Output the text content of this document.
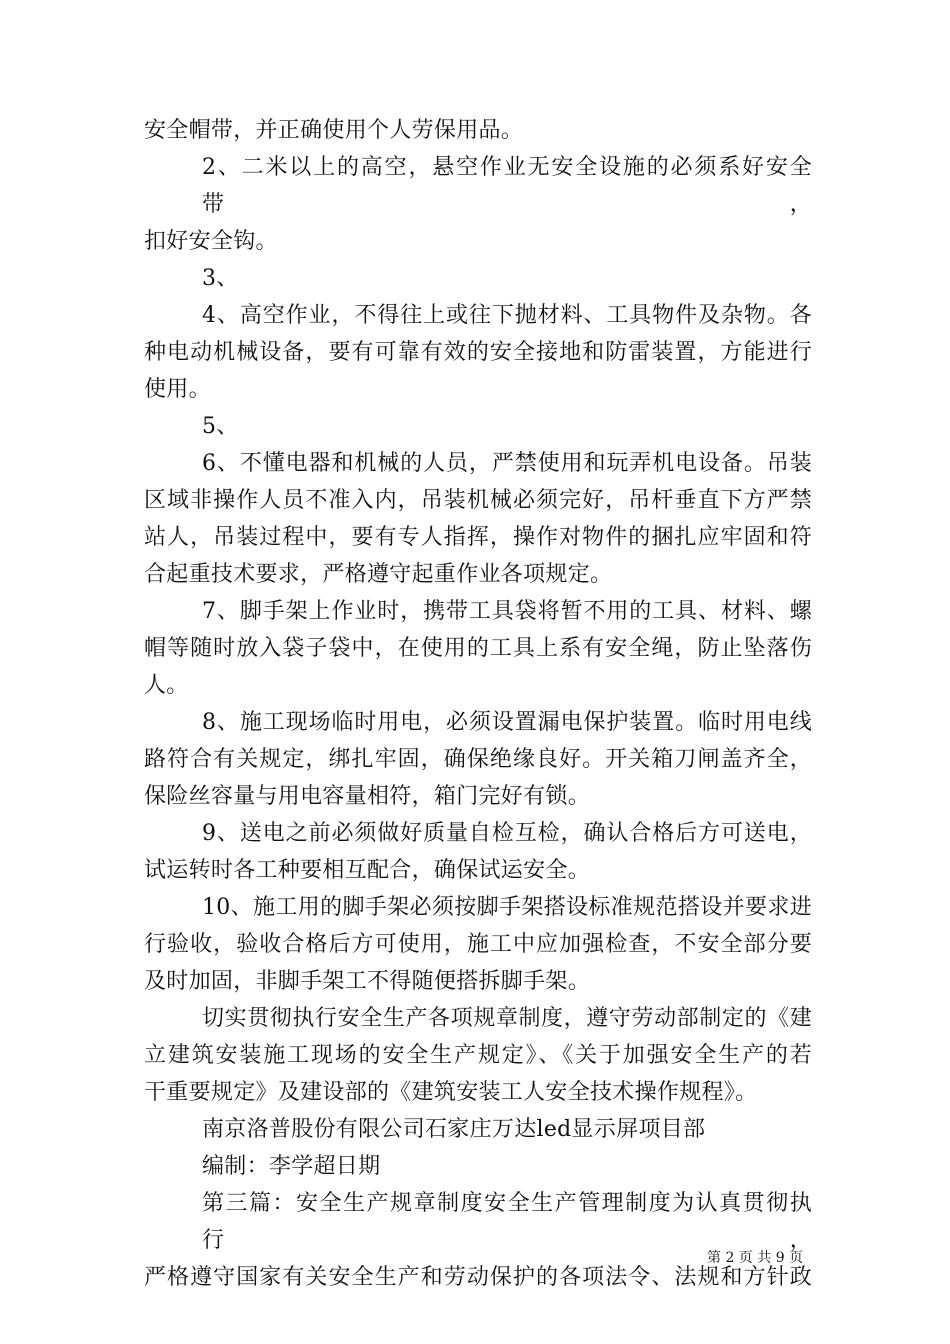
安全帽带，并正确使用个人劳保用品。
2、二米以上的高空，悬空作业无安全设施的必须系好安全带，
扣好安全钩。
3、
4、高空作业，不得往上或往下抛材料、工具物件及杂物。各
种电动机械设备，要有可靠有效的安全接地和防雷装置，方能进行
使用。
5、
6、不懂电器和机械的人员，严禁使用和玩弄机电设备。吊装
区域非操作人员不准入内，吊装机械必须完好，吊杆垂直下方严禁
站人，吊装过程中，要有专人指挥，操作对物件的捆扎应牢固和符
合起重技术要求，严格遵守起重作业各项规定。
7、脚手架上作业时，携带工具袋将暂不用的工具、材料、螺
帽等随时放入袋子袋中，在使用的工具上系有安全绳，防止坠落伤
人。
8、施工现场临时用电，必须设置漏电保护装置。临时用电线
路符合有关规定，绑扎牢固，确保绝缘良好。开关箱刀闸盖齐全，
保险丝容量与用电容量相符，箱门完好有锁。
9、送电之前必须做好质量自检互检，确认合格后方可送电，
试运转时各工种要相互配合，确保试运安全。
10、施工用的脚手架必须按脚手架搭设标准规范搭设并要求进
行验收，验收合格后方可使用，施工中应加强检查，不安全部分要
及时加固，非脚手架工不得随便搭拆脚手架。
切实贯彻执行安全生产各项规章制度，遵守劳动部制定的《建
立建筑安装施工现场的安全生产规定》、《关于加强安全生产的若
干重要规定》及建设部的《建筑安装工人安全技术操作规程》。
南京洛普股份有限公司石家庄万达led显示屏项目部
编制：李学超日期
第三篇：安全生产规章制度安全生产管理制度为认真贯彻执行，
严格遵守国家有关安全生产和劳动保护的各项法令、法规和方针政
第 2 页 共 9 页
